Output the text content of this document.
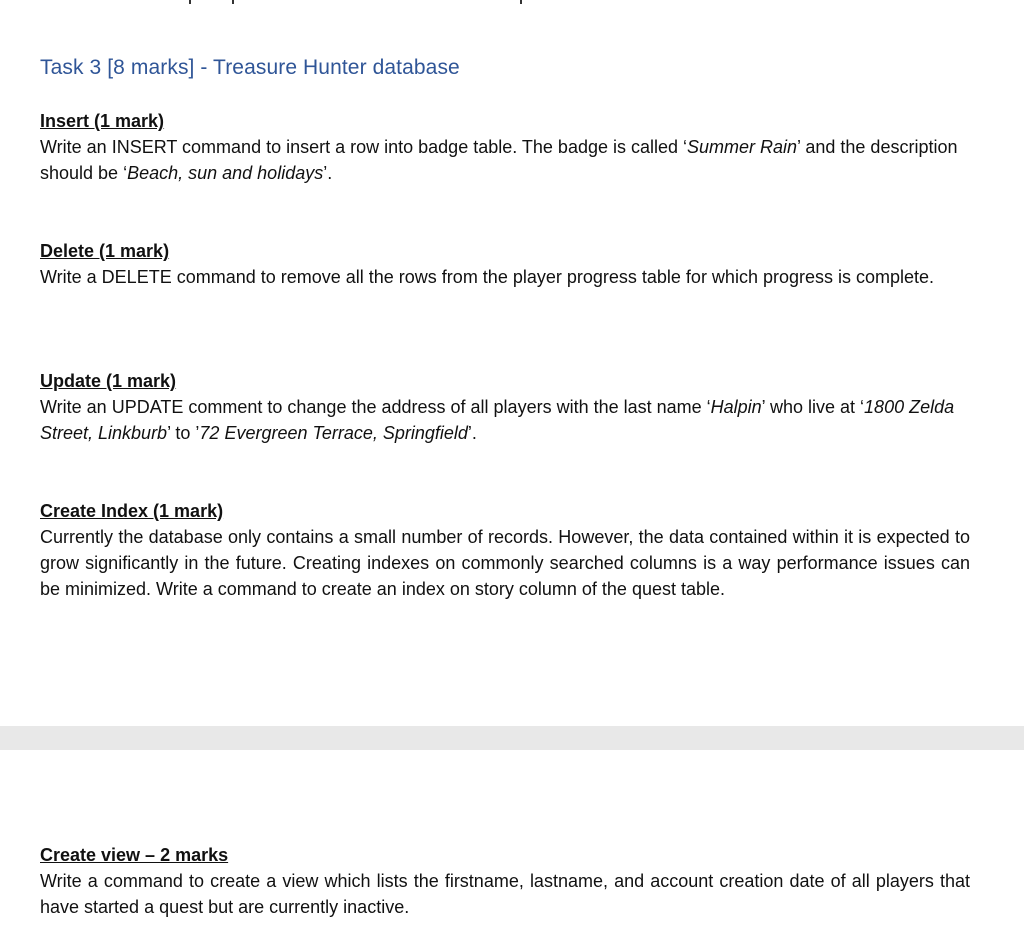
Task 3 [8 marks] - Treasure Hunter database
Insert (1 mark)
Write an INSERT command to insert a row into badge table. The badge is called ‘Summer Rain’ and the description should be ‘Beach, sun and holidays’.
Delete (1 mark)
Write a DELETE command to remove all the rows from the player progress table for which progress is complete.
Update (1 mark)
Write an UPDATE comment to change the address of all players with the last name ‘Halpin’ who live at ‘1800 Zelda Street, Linkburb’ to ’72 Evergreen Terrace, Springfield’.
Create Index (1 mark)
Currently the database only contains a small number of records. However, the data contained within it is expected to grow significantly in the future. Creating indexes on commonly searched columns is a way performance issues can be minimized. Write a command to create an index on story column of the quest table.
Create view – 2 marks
Write a command to create a view which lists the firstname, lastname, and account creation date of all players that have started a quest but are currently inactive.
